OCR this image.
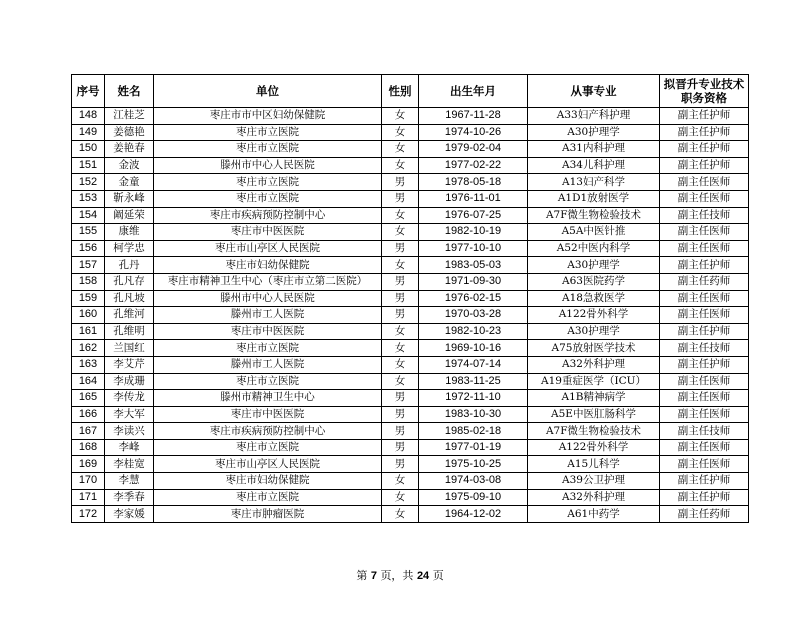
序号	姓名	单位	性别	出生年月	从事专业	拟晋升专业技术职务资格
148	江桂芝	枣庄市市中区妇幼保健院	女	1967-11-28	A33妇产科护理	副主任护师
149	姜德艳	枣庄市立医院	女	1974-10-26	A30护理学	副主任护师
150	姜艳春	枣庄市立医院	女	1979-02-04	A31内科护理	副主任护师
151	金波	滕州市中心人民医院	女	1977-02-22	A34儿科护理	副主任护师
152	金童	枣庄市立医院	男	1978-05-18	A13妇产科学	副主任医师
153	靳永峰	枣庄市立医院	男	1976-11-01	A1D1放射医学	副主任医师
154	阚延荣	枣庄市疾病预防控制中心	女	1976-07-25	A7F微生物检验技术	副主任技师
155	康维	枣庄市中医医院	女	1982-10-19	A5A中医针推	副主任医师
156	柯学忠	枣庄市山亭区人民医院	男	1977-10-10	A52中医内科学	副主任医师
157	孔丹	枣庄市妇幼保健院	女	1983-05-03	A30护理学	副主任护师
158	孔凡存	枣庄市精神卫生中心（枣庄市立第二医院）	男	1971-09-30	A63医院药学	副主任药师
159	孔凡坡	滕州市中心人民医院	男	1976-02-15	A18急救医学	副主任医师
160	孔维河	滕州市工人医院	男	1970-03-28	A122骨外科学	副主任医师
161	孔维明	枣庄市中医医院	女	1982-10-23	A30护理学	副主任护师
162	兰国红	枣庄市立医院	女	1969-10-16	A75放射医学技术	副主任技师
163	李艾芹	滕州市工人医院	女	1974-07-14	A32外科护理	副主任护师
164	李成珊	枣庄市立医院	女	1983-11-25	A19重症医学（ICU）	副主任医师
165	李传龙	滕州市精神卫生中心	男	1972-11-10	A1B精神病学	副主任医师
166	李大军	枣庄市中医医院	男	1983-10-30	A5E中医肛肠科学	副主任医师
167	李读兴	枣庄市疾病预防控制中心	男	1985-02-18	A7F微生物检验技术	副主任技师
168	李峰	枣庄市立医院	男	1977-01-19	A122骨外科学	副主任医师
169	李桂宽	枣庄市山亭区人民医院	男	1975-10-25	A15儿科学	副主任医师
170	李慧	枣庄市妇幼保健院	女	1974-03-08	A39公卫护理	副主任护师
171	李季春	枣庄市立医院	女	1975-09-10	A32外科护理	副主任护师
172	李家媛	枣庄市肿瘤医院	女	1964-12-02	A61中药学	副主任药师
第 7 页，共 24 页
